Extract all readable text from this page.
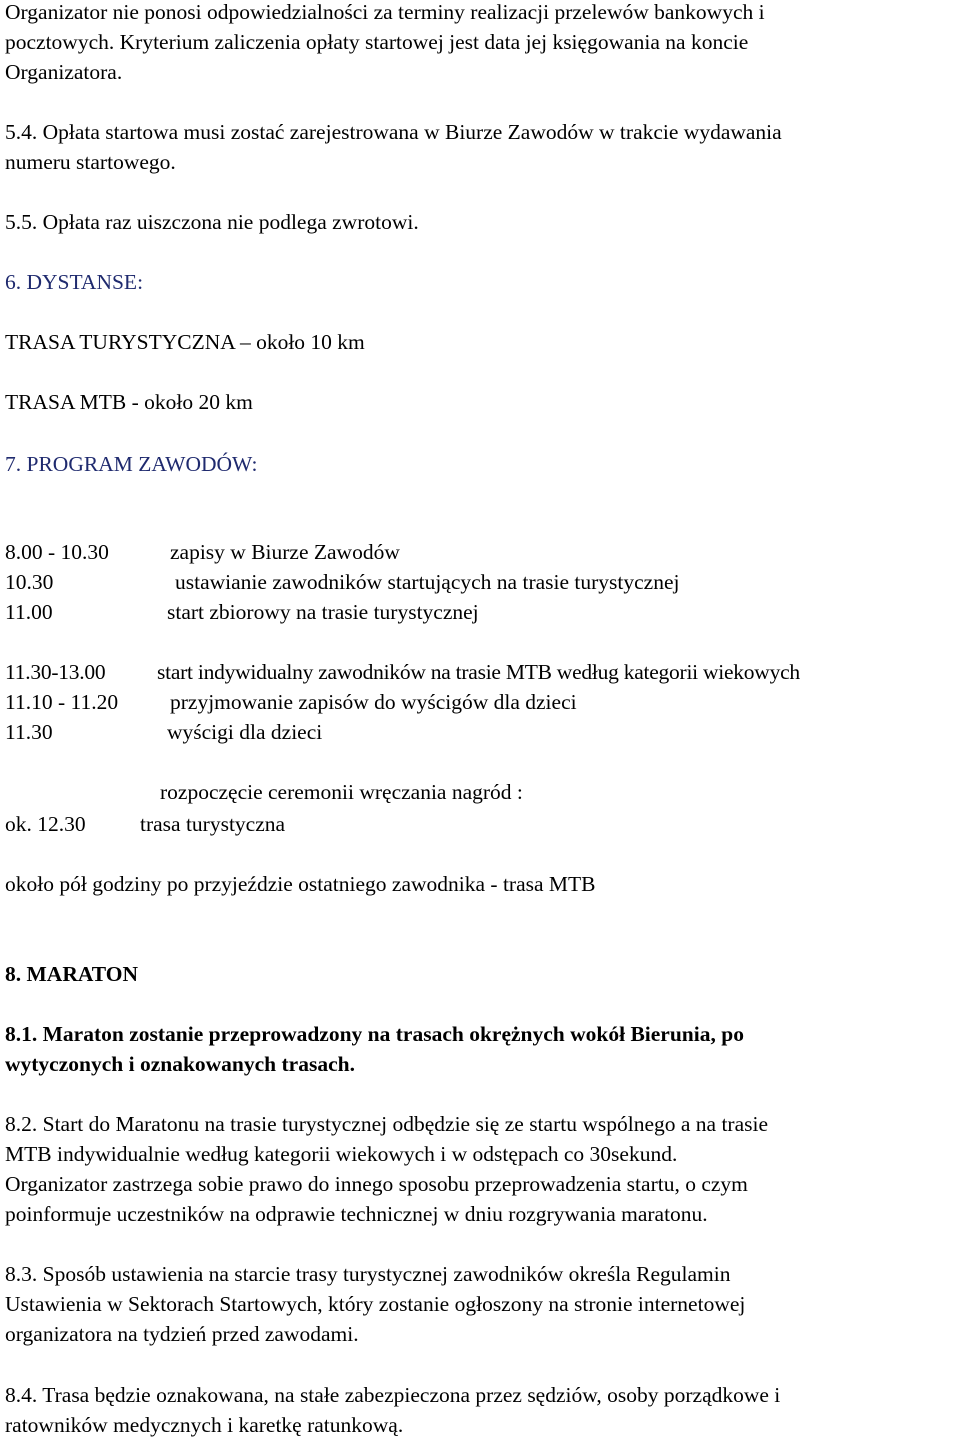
Organizator nie ponosi odpowiedzialności za terminy realizacji przelewów bankowych i
pocztowych. Kryterium zaliczenia opłaty startowej jest data jej księgowania na koncie
Organizatora.
5.4. Opłata startowa musi zostać zarejestrowana w Biurze Zawodów w trakcie wydawania
numeru startowego.
5.5. Opłata raz uiszczona nie podlega zwrotowi.
6. DYSTANSE:
TRASA TURYSTYCZNA – około 10 km
TRASA MTB - około 20 km
7. PROGRAM ZAWODÓW:
8.00 - 10.30	zapisy w Biurze Zawodów
10.30	ustawianie zawodników startujących na trasie turystycznej
11.00	start zbiorowy na trasie turystycznej
11.30-13.00 start indywidualny zawodników na trasie MTB według kategorii wiekowych
11.10 - 11.20 przyjmowanie zapisów do wyścigów dla dzieci
11.30	wyścigi dla dzieci
rozpoczęcie ceremonii wręczania nagród :
ok. 12.30	trasa turystyczna
około pół godziny po przyjeździe ostatniego zawodnika - trasa MTB
8. MARATON
8.1. Maraton zostanie przeprowadzony na trasach okrężnych wokół Bierunia, po
wytyczonych i oznakowanych trasach.
8.2. Start do Maratonu na trasie turystycznej odbędzie się ze startu wspólnego a na trasie
MTB indywidualnie według kategorii wiekowych i w odstępach co 30sekund.
Organizator zastrzega sobie prawo do innego sposobu przeprowadzenia startu, o czym
poinformuje uczestników na odprawie technicznej w dniu rozgrywania maratonu.
8.3. Sposób ustawienia na starcie trasy turystycznej zawodników określa Regulamin
Ustawienia w Sektorach Startowych, który zostanie ogłoszony na stronie internetowej
organizatora na tydzień przed zawodami.
8.4. Trasa będzie oznakowana, na stałe zabezpieczona przez sędziów, osoby porządkowe i
ratowników medycznych i karetkę ratunkową.
